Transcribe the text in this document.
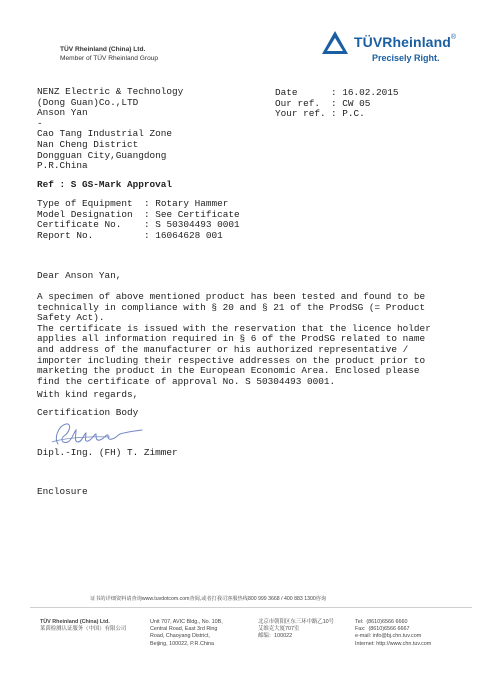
TÜV Rheinland (China) Ltd.
Member of TÜV Rheinland Group
TÜVRheinland®
Precisely Right.
NENZ Electric & Technology
(Dong Guan)Co.,LTD
Anson Yan
-
Cao Tang Industrial Zone
Nan Cheng District
Dongguan City,Guangdong
P.R.China
Date	: 16.02.2015
Our ref. : CW 05
Your ref. : P.C.
Ref : S GS-Mark Approval
Type of Equipment : Rotary Hammer
Model Designation : See Certificate
Certificate No. : S 50304493 0001
Report No.	: 16064628 001
Dear Anson Yan,
A specimen of above mentioned product has been tested and found to be
technically in compliance with § 20 and § 21 of the ProdSG (= Product
Safety Act).
The certificate is issued with the reservation that the licence holder
applies all information required in § 6 of the ProdSG related to name
and address of the manufacturer or his authorized representative /
importer including their respective addresses on the product prior to
marketing the product in the European Economic Area. Enclosed please
find the certificate of approval No. S 50304493 0001.
With kind regards,
Certification Body
Dipl.-Ing. (FH) T. Zimmer
Enclosure
证书的详细资料请查询www.tuvdotcom.com查阅,或者打我司客服热线800 999 3668 / 400 883 1300咨询
TÜV Rheinland (China) Ltd.
莱茵检测认证服务（中国）有限公司
Unit 707, AVIC Bldg., No. 10B,
Central Road, East 3rd Ring
Road, Chaoyang District,
Beijing, 100022, P.R.China
北京市朝阳区东三环中路乙10号
艾维克大厦707室
邮编：100022
Tel:  (8610)6566 6660
Fax:  (8610)6566 6667
e-mail: info@bj.chn.tuv.com
Internet: http://www.chn.tuv.com
